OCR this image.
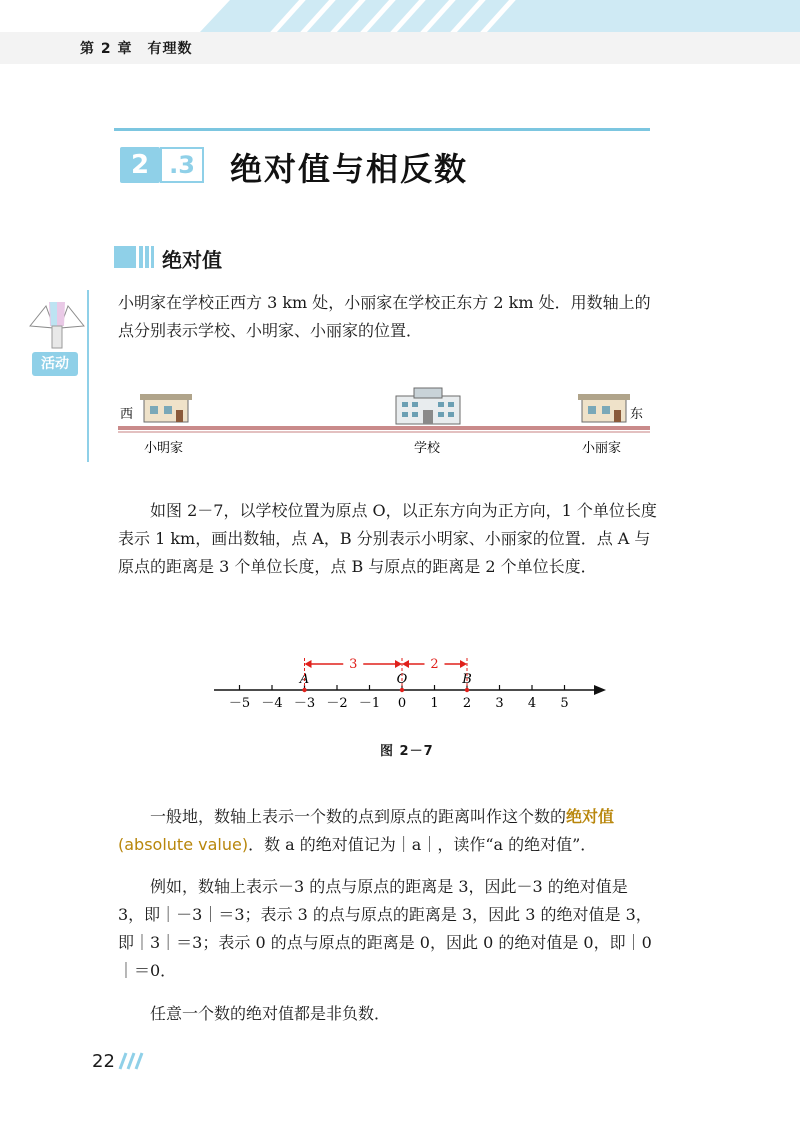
第 2 章　有理数
2 .3 绝对值与相反数
绝对值
活动
小明家在学校正西方 3 km 处，小丽家在学校正东方 2 km 处．用数轴上的点分别表示学校、小明家、小丽家的位置．
西	东
小明家	学校	小丽家
如图 2－7，以学校位置为原点 O，以正东方向为正方向，1 个单位长度表示 1 km，画出数轴，点 A，B 分别表示小明家、小丽家的位置．点 A 与原点的距离是 3 个单位长度，点 B 与原点的距离是 2 个单位长度．
－5 －4 －3 －2 －1 0 1 2 3 4 5
A	O	B
3	2
图 2－7
一般地，数轴上表示一个数的点到原点的距离叫作这个数的绝对值(absolute value)．数 a 的绝对值记为｜a｜，读作“a 的绝对值”．
例如，数轴上表示－3 的点与原点的距离是 3，因此－3 的绝对值是 3，即｜－3｜＝3；表示 3 的点与原点的距离是 3，因此 3 的绝对值是 3，即｜3｜＝3；表示 0 的点与原点的距离是 0，因此 0 的绝对值是 0，即｜0｜＝0．
任意一个数的绝对值都是非负数．
22
